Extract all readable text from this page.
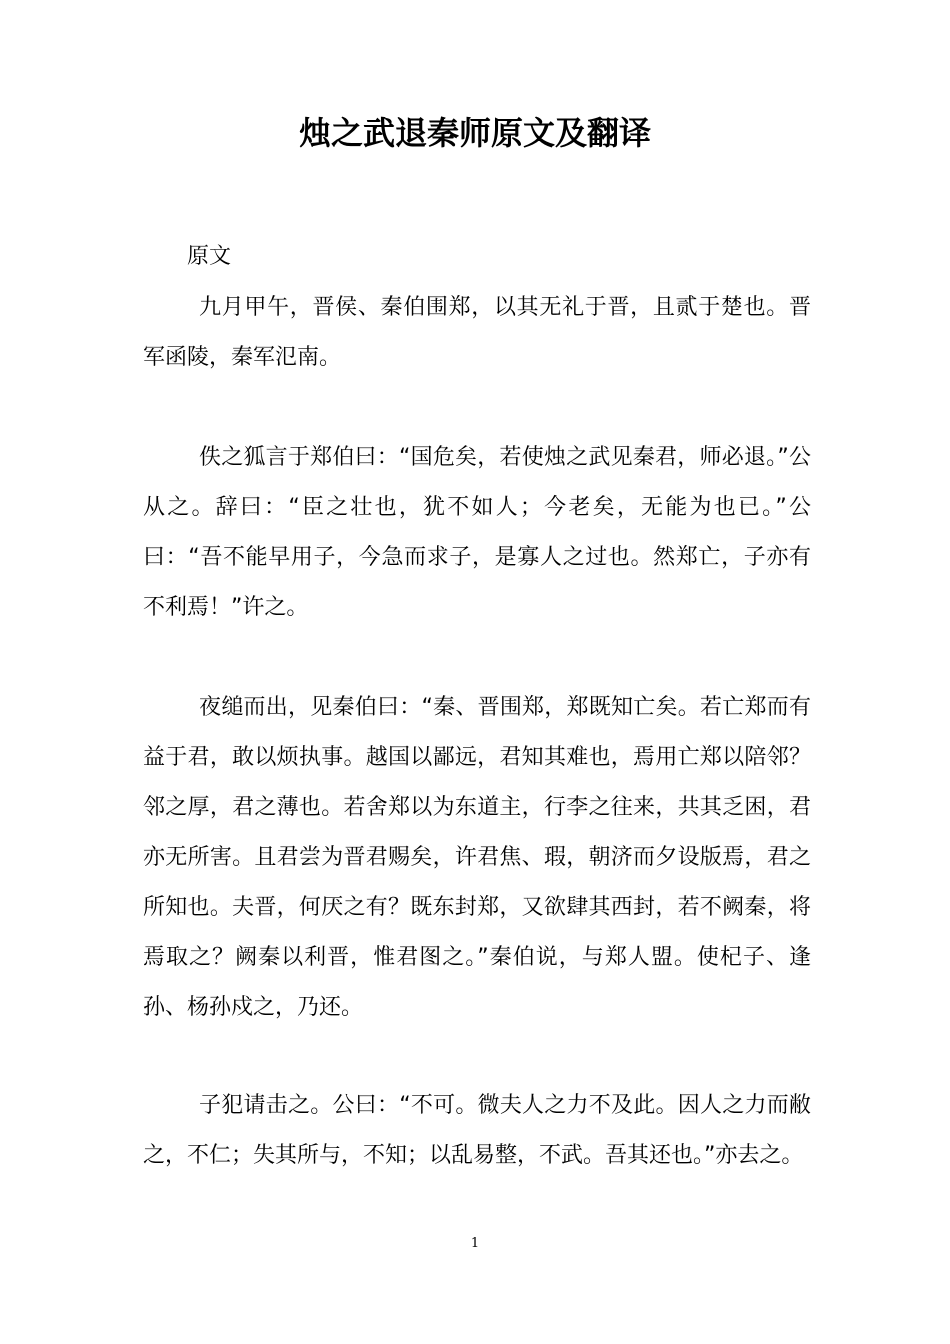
烛之武退秦师原文及翻译

原文

九月甲午，晋侯、秦伯围郑，以其无礼于晋，且贰于楚也。晋军函陵，秦军氾南。

佚之狐言于郑伯曰：“国危矣，若使烛之武见秦君，师必退。”公从之。辞曰：“臣之壮也，犹不如人；今老矣，无能为也已。”公曰：“吾不能早用子，今急而求子，是寡人之过也。然郑亡，子亦有不利焉！”许之。

夜缒而出，见秦伯曰：“秦、晋围郑，郑既知亡矣。若亡郑而有益于君，敢以烦执事。越国以鄙远，君知其难也，焉用亡郑以陪邻？邻之厚，君之薄也。若舍郑以为东道主，行李之往来，共其乏困，君亦无所害。且君尝为晋君赐矣，许君焦、瑕，朝济而夕设版焉，君之所知也。夫晋，何厌之有？既东封郑，又欲肆其西封，若不阙秦，将焉取之？阙秦以利晋，惟君图之。”秦伯说，与郑人盟。使杞子、逢孙、杨孙戍之，乃还。

子犯请击之。公曰：“不可。微夫人之力不及此。因人之力而敝之，不仁；失其所与，不知；以乱易整，不武。吾其还也。”亦去之。

1
